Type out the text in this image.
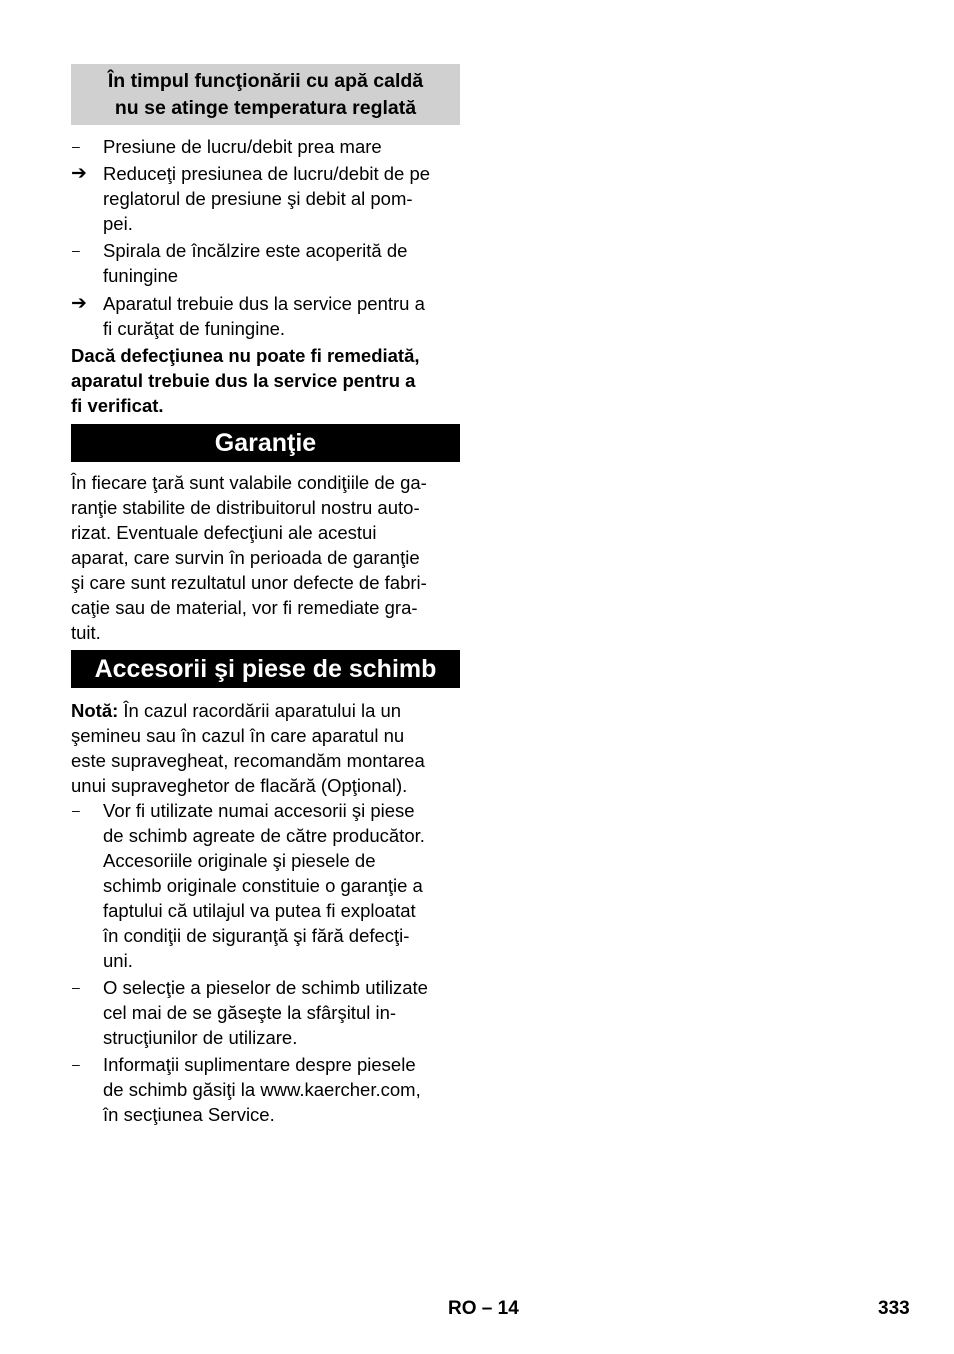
În timpul funcţionării cu apă caldă
nu se atinge temperatura reglată
–	Presiune de lucru/debit prea mare
➔ Reduceţi presiunea de lucru/debit de pe
reglatorul de presiune şi debit al pom-
pei.
–	Spirala de încălzire este acoperită de
funingine
➔ Aparatul trebuie dus la service pentru a
fi curăţat de funingine.
Dacă defecţiunea nu poate fi remediată,
aparatul trebuie dus la service pentru a
fi verificat.
Garanţie
În fiecare ţară sunt valabile condiţiile de ga-
ranţie stabilite de distribuitorul nostru auto-
rizat. Eventuale defecţiuni ale acestui
aparat, care survin în perioada de garanţie
şi care sunt rezultatul unor defecte de fabri-
caţie sau de material, vor fi remediate gra-
tuit.
Accesorii şi piese de schimb
Notă: În cazul racordării aparatului la un
şemineu sau în cazul în care aparatul nu
este supravegheat, recomandăm montarea
unui supraveghetor de flacără (Opţional).
–	Vor fi utilizate numai accesorii şi piese
de schimb agreate de către producător.
Accesoriile originale şi piesele de
schimb originale constituie o garanţie a
faptului că utilajul va putea fi exploatat
în condiţii de siguranţă şi fără defecţi-
uni.
–	O selecţie a pieselor de schimb utilizate
cel mai de se găseşte la sfârşitul in-
strucţiunilor de utilizare.
–	Informaţii suplimentare despre piesele
de schimb găsiţi la www.kaercher.com,
în secţiunea Service.
RO – 14	333
